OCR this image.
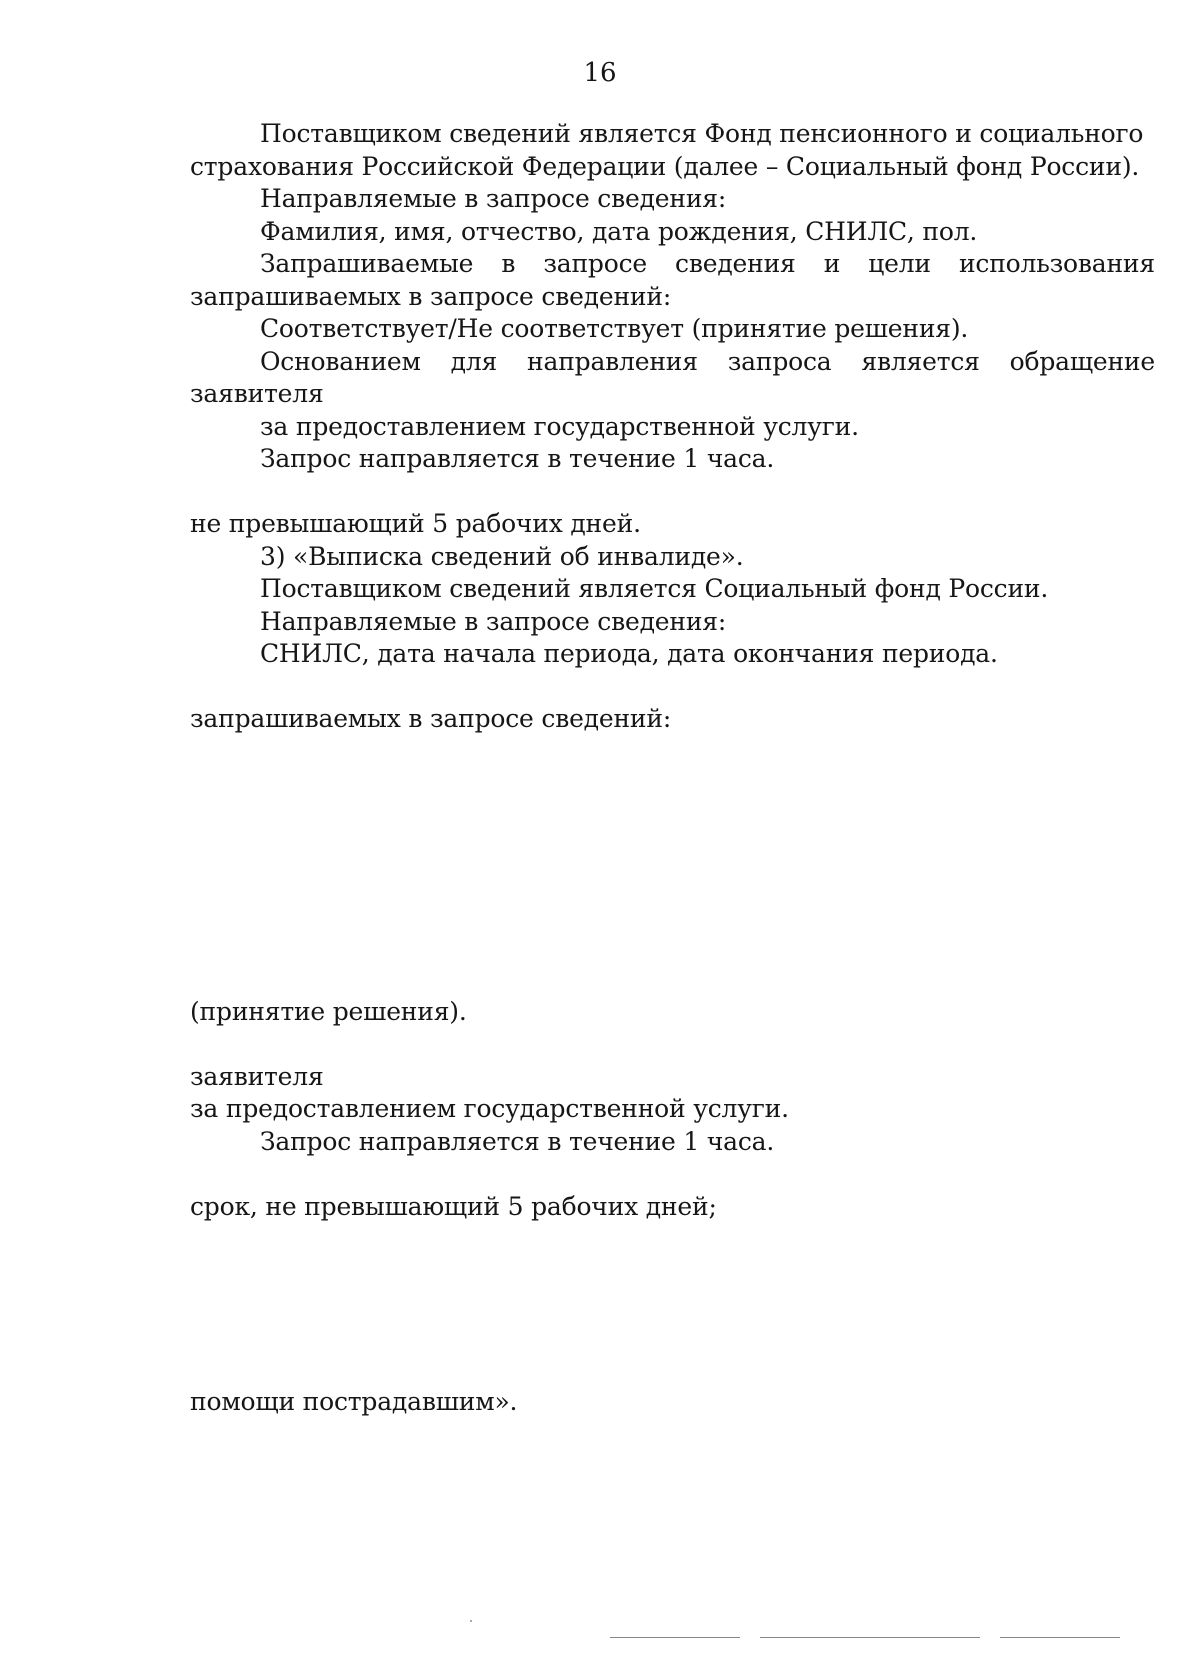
16
Поставщиком сведений является Фонд пенсионного и социального
страхования Российской Федерации (далее – Социальный фонд России).
Направляемые в запросе сведения:
Фамилия, имя, отчество, дата рождения, СНИЛС, пол.
Запрашиваемые в запросе сведения и цели использования
запрашиваемых в запросе сведений:
Соответствует/Не соответствует (принятие решения).
Основанием для направления запроса является обращение
заявителя
за предоставлением государственной услуги.
Запрос направляется в течение 1 часа.
не превышающий 5 рабочих дней.
3) «Выписка сведений об инвалиде».
Поставщиком сведений является Социальный фонд России.
Направляемые в запросе сведения:
СНИЛС, дата начала периода, дата окончания периода.
запрашиваемых в запросе сведений:
(принятие решения).
заявителя
за предоставлением государственной услуги.
Запрос направляется в течение 1 часа.
срок, не превышающий 5 рабочих дней;
помощи пострадавшим».
